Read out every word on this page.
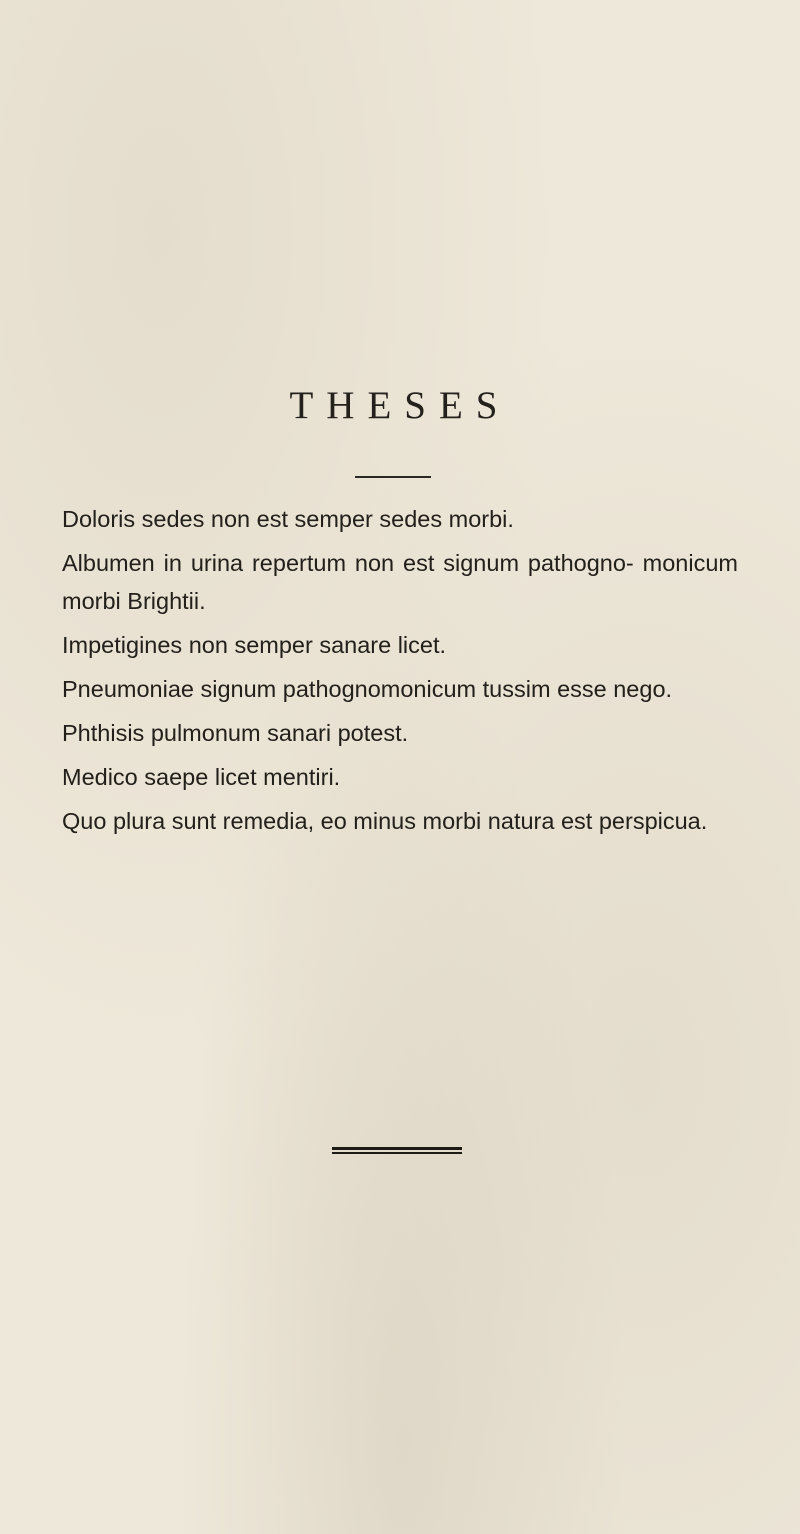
THESES
Doloris sedes non est semper sedes morbi.
Albumen in urina repertum non est signum pathogno- monicum morbi Brightii.
Impetigines non semper sanare licet.
Pneumoniae signum pathognomonicum tussim esse nego.
Phthisis pulmonum sanari potest.
Medico saepe licet mentiri.
Quo plura sunt remedia, eo minus morbi natura est perspicua.
